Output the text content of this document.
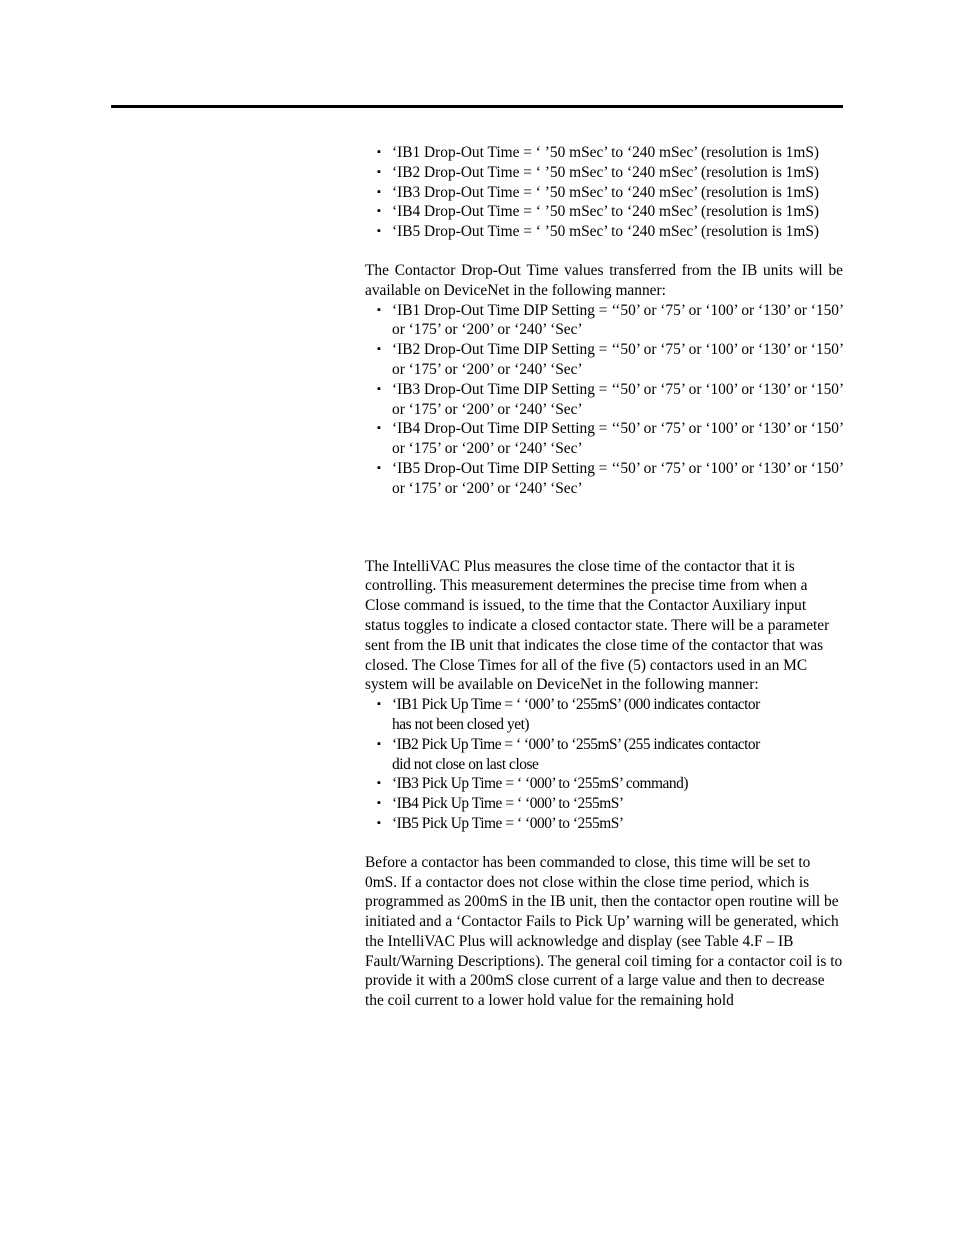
▪ ‘IB1 Drop-Out Time = ‘ ’50 mSec’ to ‘240 mSec’ (resolution is 1mS)
▪ ‘IB2 Drop-Out Time = ‘ ’50 mSec’ to ‘240 mSec’ (resolution is 1mS)
▪ ‘IB3 Drop-Out Time = ‘ ’50 mSec’ to ‘240 mSec’ (resolution is 1mS)
▪ ‘IB4 Drop-Out Time = ‘ ’50 mSec’ to ‘240 mSec’ (resolution is 1mS)
▪ ‘IB5 Drop-Out Time = ‘ ’50 mSec’ to ‘240 mSec’ (resolution is 1mS)

The Contactor Drop-Out Time values transferred from the IB units will be available on DeviceNet in the following manner:

▪ ‘IB1 Drop-Out Time DIP Setting = ‘‘50’ or ‘75’ or ‘100’ or ‘130’ or ‘150’ or ‘175’ or ‘200’ or ‘240’ ‘Sec’
▪ ‘IB2 Drop-Out Time DIP Setting = ‘‘50’ or ‘75’ or ‘100’ or ‘130’ or ‘150’ or ‘175’ or ‘200’ or ‘240’ ‘Sec’
▪ ‘IB3 Drop-Out Time DIP Setting = ‘‘50’ or ‘75’ or ‘100’ or ‘130’ or ‘150’ or ‘175’ or ‘200’ or ‘240’ ‘Sec’
▪ ‘IB4 Drop-Out Time DIP Setting = ‘‘50’ or ‘75’ or ‘100’ or ‘130’ or ‘150’ or ‘175’ or ‘200’ or ‘240’ ‘Sec’
▪ ‘IB5 Drop-Out Time DIP Setting = ‘‘50’ or ‘75’ or ‘100’ or ‘130’ or ‘150’ or ‘175’ or ‘200’ or ‘240’ ‘Sec’

The IntelliVAC Plus measures the close time of the contactor that it is controlling. This measurement determines the precise time from when a Close command is issued, to the time that the Contactor Auxiliary input status toggles to indicate a closed contactor state. There will be a parameter sent from the IB unit that indicates the close time of the contactor that was closed. The Close Times for all of the five (5) contactors used in an MC system will be available on DeviceNet in the following manner:

▪ ‘IB1 Pick Up Time = ‘ ‘000’ to ‘255mS’ (000 indicates contactor
has not been closed yet)
▪ ‘IB2 Pick Up Time = ‘ ‘000’ to ‘255mS’ (255 indicates contactor
did not close on last close
▪ ‘IB3 Pick Up Time = ‘ ‘000’ to ‘255mS’ command)
▪ ‘IB4 Pick Up Time = ‘ ‘000’ to ‘255mS’
▪ ‘IB5 Pick Up Time = ‘ ‘000’ to ‘255mS’

Before a contactor has been commanded to close, this time will be set to 0mS. If a contactor does not close within the close time period, which is programmed as 200mS in the IB unit, then the contactor open routine will be initiated and a ‘Contactor Fails to Pick Up’ warning will be generated, which the IntelliVAC Plus will acknowledge and display (see Table 4.F – IB Fault/Warning Descriptions). The general coil timing for a contactor coil is to provide it with a 200mS close current of a large value and then to decrease the coil current to a lower hold value for the remaining hold
